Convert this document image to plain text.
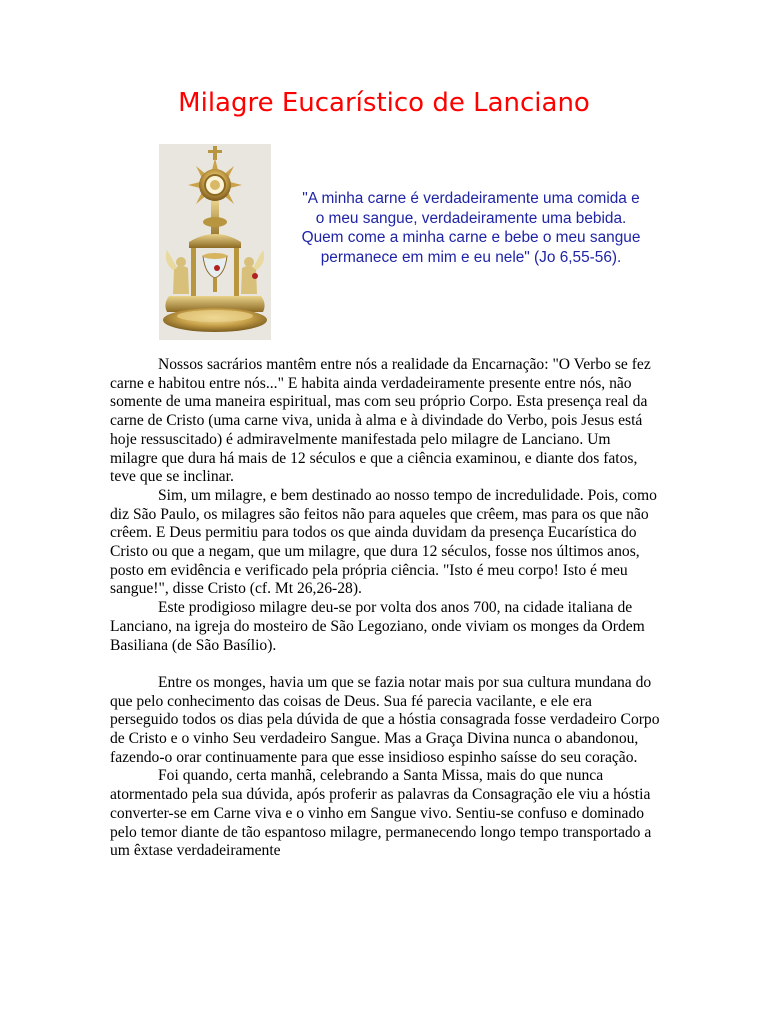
Milagre Eucarístico de Lanciano

"A minha carne é verdadeiramente uma comida e o meu sangue, verdadeiramente uma bebida. Quem come a minha carne e bebe o meu sangue permanece em mim e eu nele" (Jo 6,55-56).

Nossos sacrários mantêm entre nós a realidade da Encarnação: "O Verbo se fez carne e habitou entre nós..." E habita ainda verdadeiramente presente entre nós, não somente de uma maneira espiritual, mas com seu próprio Corpo. Esta presença real da carne de Cristo (uma carne viva, unida à alma e à divindade do Verbo, pois Jesus está hoje ressuscitado) é admiravelmente manifestada pelo milagre de Lanciano. Um milagre que dura há mais de 12 séculos e que a ciência examinou, e diante dos fatos, teve que se inclinar.

Sim, um milagre, e bem destinado ao nosso tempo de incredulidade. Pois, como diz São Paulo, os milagres são feitos não para aqueles que crêem, mas para os que não crêem. E Deus permitiu para todos os que ainda duvidam da presença Eucarística do Cristo ou que a negam, que um milagre, que dura 12 séculos, fosse nos últimos anos, posto em evidência e verificado pela própria ciência. "Isto é meu corpo! Isto é meu sangue!", disse Cristo (cf. Mt 26,26-28).

Este prodigioso milagre deu-se por volta dos anos 700, na cidade italiana de Lanciano, na igreja do mosteiro de São Legoziano, onde viviam os monges da Ordem Basiliana (de São Basílio).

Entre os monges, havia um que se fazia notar mais por sua cultura mundana do que pelo conhecimento das coisas de Deus. Sua fé parecia vacilante, e ele era perseguido todos os dias pela dúvida de que a hóstia consagrada fosse verdadeiro Corpo de Cristo e o vinho Seu verdadeiro Sangue. Mas a Graça Divina nunca o abandonou, fazendo-o orar continuamente para que esse insidioso espinho saísse do seu coração.

Foi quando, certa manhã, celebrando a Santa Missa, mais do que nunca atormentado pela sua dúvida, após proferir as palavras da Consagração ele viu a hóstia converter-se em Carne viva e o vinho em Sangue vivo. Sentiu-se confuso e dominado pelo temor diante de tão espantoso milagre, permanecendo longo tempo transportado a um êxtase verdadeiramente
